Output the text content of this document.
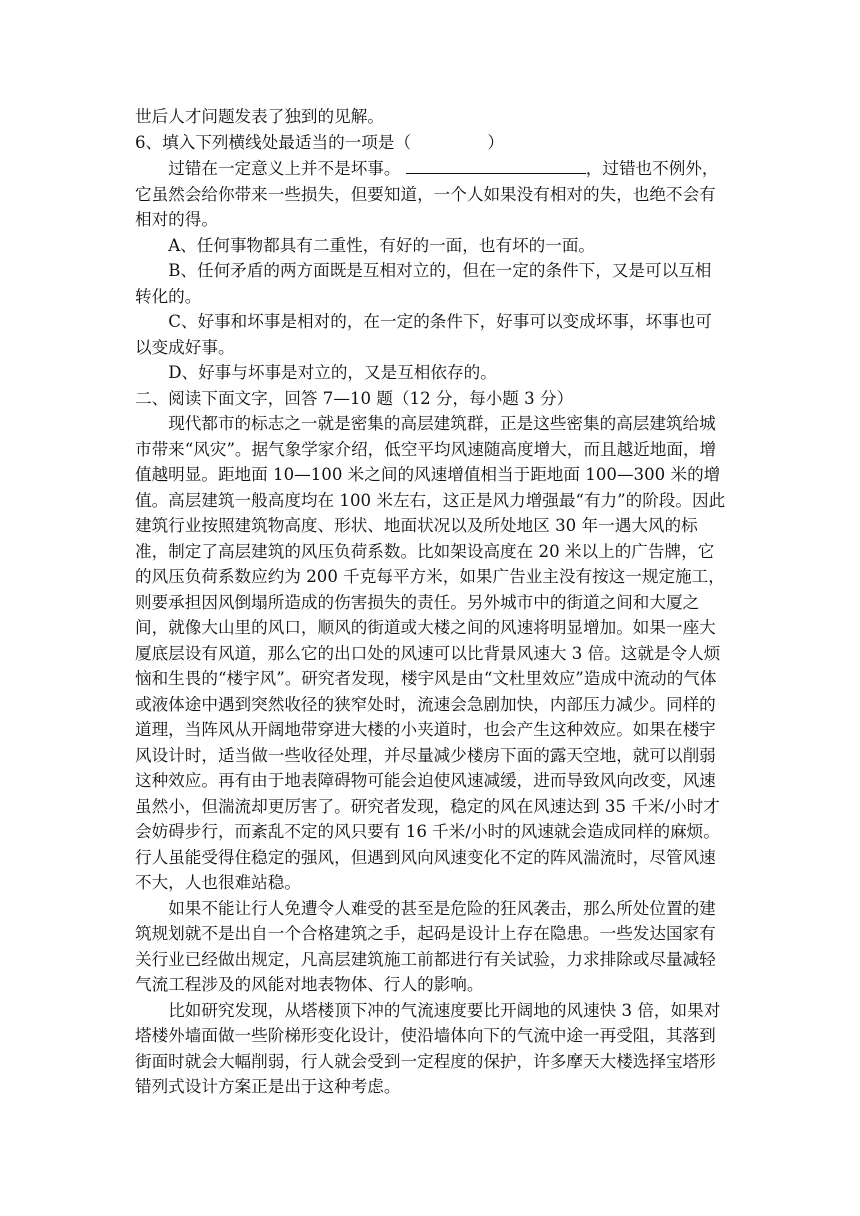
世后人才问题发表了独到的见解。

6、填入下列横线处最适当的一项是（	）

过错在一定意义上并不是坏事。	，过错也不例外，它虽然会给你带来一些损失，但要知道，一个人如果没有相对的失，也绝不会有相对的得。

A、任何事物都具有二重性，有好的一面，也有坏的一面。

B、任何矛盾的两方面既是互相对立的，但在一定的条件下，又是可以互相转化的。

C、好事和坏事是相对的，在一定的条件下，好事可以变成坏事，坏事也可以变成好事。

D、好事与坏事是对立的，又是互相依存的。

二、阅读下面文字，回答 7—10 题（12 分，每小题 3 分）

现代都市的标志之一就是密集的高层建筑群，正是这些密集的高层建筑给城市带来“风灾”。据气象学家介绍，低空平均风速随高度增大，而且越近地面，增值越明显。距地面 10—100 米之间的风速增值相当于距地面 100—300 米的增值。高层建筑一般高度均在 100 米左右，这正是风力增强最“有力”的阶段。因此建筑行业按照建筑物高度、形状、地面状况以及所处地区 30 年一遇大风的标准，制定了高层建筑的风压负荷系数。比如架设高度在 20 米以上的广告牌，它的风压负荷系数应约为 200 千克每平方米，如果广告业主没有按这一规定施工，则要承担因风倒塌所造成的伤害损失的责任。另外城市中的街道之间和大厦之间，就像大山里的风口，顺风的街道或大楼之间的风速将明显增加。如果一座大厦底层设有风道，那么它的出口处的风速可以比背景风速大 3 倍。这就是令人烦恼和生畏的“楼宇风”。研究者发现，楼宇风是由“文杜里效应”造成中流动的气体或液体途中遇到突然收径的狭窄处时，流速会急剧加快，内部压力减少。同样的道理，当阵风从开阔地带穿进大楼的小夹道时，也会产生这种效应。如果在楼宇风设计时，适当做一些收径处理，并尽量减少楼房下面的露天空地，就可以削弱这种效应。再有由于地表障碍物可能会迫使风速减缓，进而导致风向改变，风速虽然小，但湍流却更厉害了。研究者发现，稳定的风在风速达到 35 千米/小时才会妨碍步行，而紊乱不定的风只要有 16 千米/小时的风速就会造成同样的麻烦。行人虽能受得住稳定的强风，但遇到风向风速变化不定的阵风湍流时，尽管风速不大，人也很难站稳。

如果不能让行人免遭令人难受的甚至是危险的狂风袭击，那么所处位置的建筑规划就不是出自一个合格建筑之手，起码是设计上存在隐患。一些发达国家有关行业已经做出规定，凡高层建筑施工前都进行有关试验，力求排除或尽量减轻气流工程涉及的风能对地表物体、行人的影响。

比如研究发现，从塔楼顶下冲的气流速度要比开阔地的风速快 3 倍，如果对塔楼外墙面做一些阶梯形变化设计，使沿墙体向下的气流中途一再受阻，其落到街面时就会大幅削弱，行人就会受到一定程度的保护，许多摩天大楼选择宝塔形错列式设计方案正是出于这种考虑。
